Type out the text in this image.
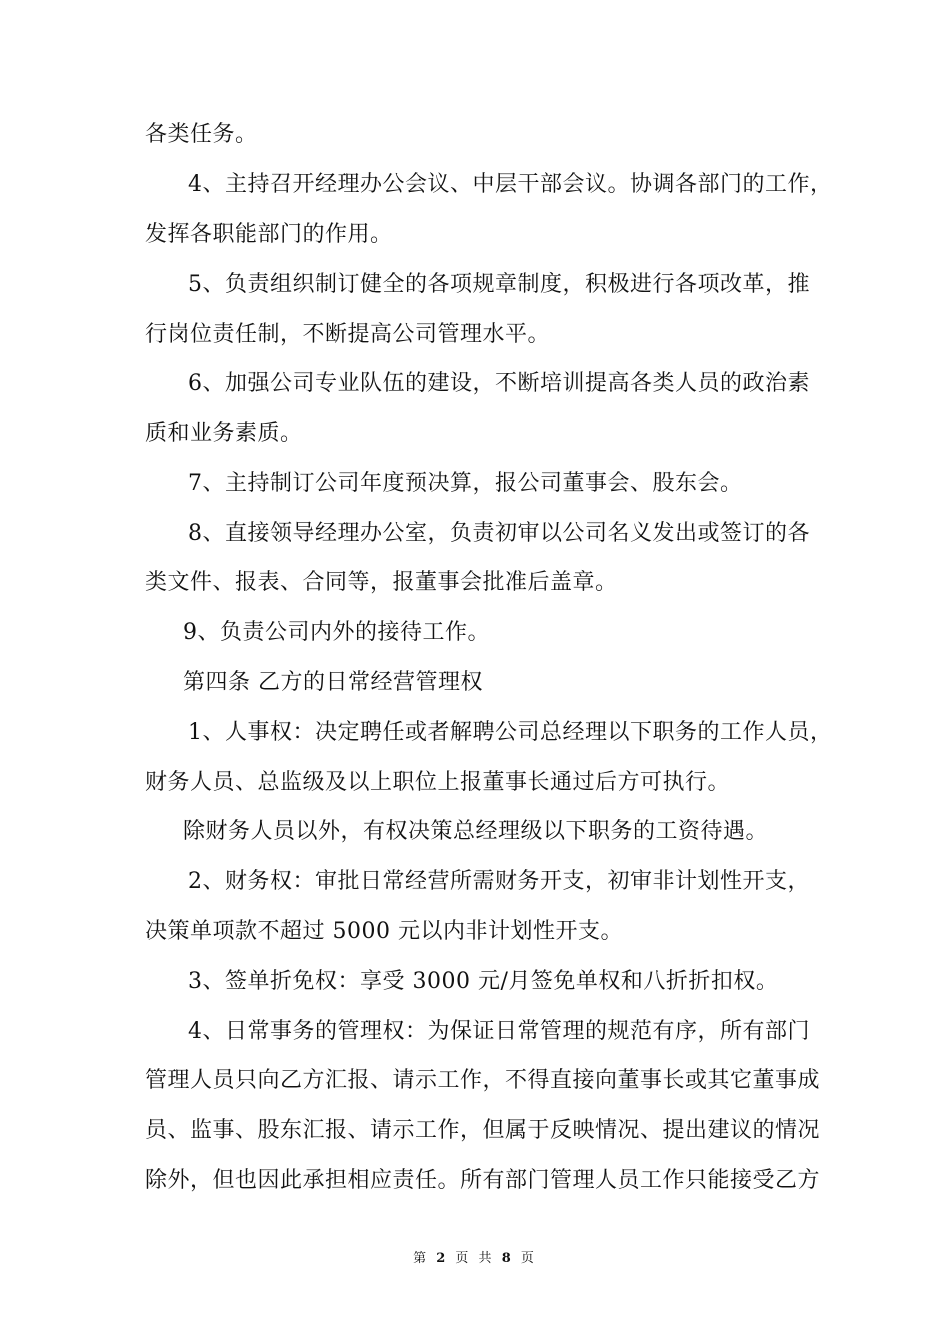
各类任务。
4、主持召开经理办公会议、中层干部会议。协调各部门的工作，
发挥各职能部门的作用。
5、负责组织制订健全的各项规章制度，积极进行各项改革，推
行岗位责任制，不断提高公司管理水平。
6、加强公司专业队伍的建设，不断培训提高各类人员的政治素
质和业务素质。
7、主持制订公司年度预决算，报公司董事会、股东会。
8、直接领导经理办公室，负责初审以公司名义发出或签订的各
类文件、报表、合同等，报董事会批准后盖章。
9、负责公司内外的接待工作。
第四条 乙方的日常经营管理权
1、人事权：决定聘任或者解聘公司总经理以下职务的工作人员，
财务人员、总监级及以上职位上报董事长通过后方可执行。
除财务人员以外，有权决策总经理级以下职务的工资待遇。
2、财务权：审批日常经营所需财务开支，初审非计划性开支，
决策单项款不超过 5000 元以内非计划性开支。
3、签单折免权：享受 3000 元/月签免单权和八折折扣权。
4、日常事务的管理权：为保证日常管理的规范有序，所有部门
管理人员只向乙方汇报、请示工作，不得直接向董事长或其它董事成
员、监事、股东汇报、请示工作，但属于反映情况、提出建议的情况
除外，但也因此承担相应责任。所有部门管理人员工作只能接受乙方
第 2 页 共 8 页
